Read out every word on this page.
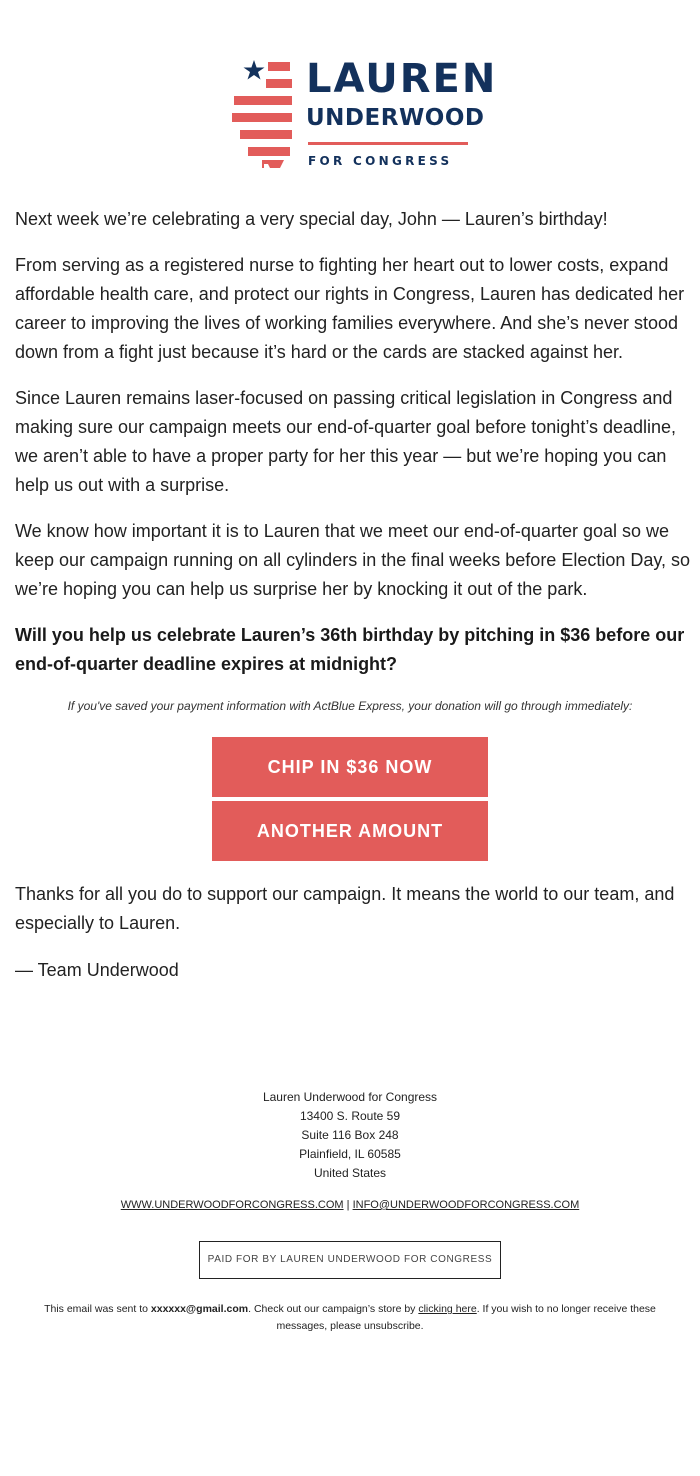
LAUREN
UNDERWOOD
FOR CONGRESS

Next week we’re celebrating a very special day, John — Lauren’s birthday!

From serving as a registered nurse to fighting her heart out to lower costs, expand affordable health care, and protect our rights in Congress, Lauren has dedicated her career to improving the lives of working families everywhere. And she’s never stood down from a fight just because it’s hard or the cards are stacked against her.

Since Lauren remains laser-focused on passing critical legislation in Congress and making sure our campaign meets our end-of-quarter goal before tonight’s deadline, we aren’t able to have a proper party for her this year — but we’re hoping you can help us out with a surprise.

We know how important it is to Lauren that we meet our end-of-quarter goal so we keep our campaign running on all cylinders in the final weeks before Election Day, so we’re hoping you can help us surprise her by knocking it out of the park.

Will you help us celebrate Lauren’s 36th birthday by pitching in $36 before our end-of-quarter deadline expires at midnight?

If you've saved your payment information with ActBlue Express, your donation will go through immediately:
CHIP IN $36 NOW
ANOTHER AMOUNT

Thanks for all you do to support our campaign. It means the world to our team, and especially to Lauren.

— Team Underwood

Lauren Underwood for Congress
13400 S. Route 59
Suite 116 Box 248
Plainfield, IL 60585
United States
WWW.UNDERWOODFORCONGRESS.COM | INFO@UNDERWOODFORCONGRESS.COM
PAID FOR BY LAUREN UNDERWOOD FOR CONGRESS
This email was sent to xxxxxx@gmail.com. Check out our campaign’s store by clicking here. If you wish to no longer receive these messages, please unsubscribe.
